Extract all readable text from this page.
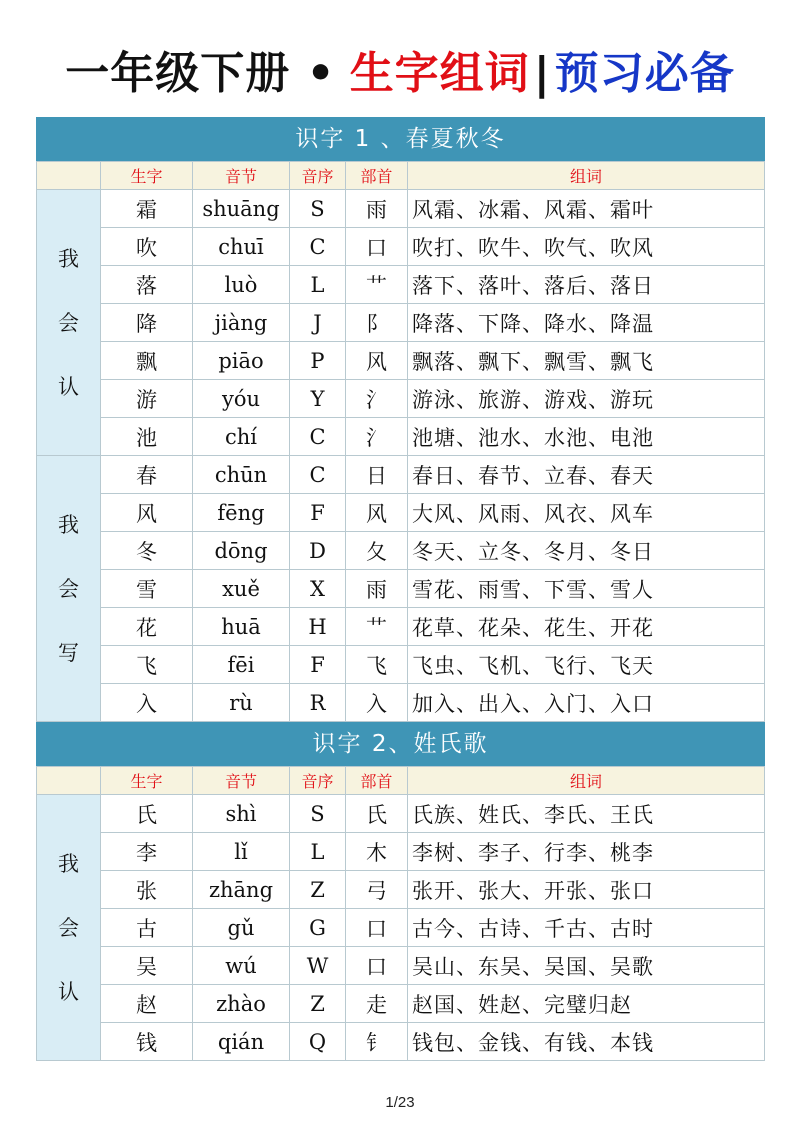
一年级下册 • 生字组词|预习必备
识字 1 、春夏秋冬
	生字	音节	音序	部首	组词

我
会
认	霜	shuāng	S	雨	风霜、冰霜、风霜、霜叶
	吹	chuī	C	口	吹打、吹牛、吹气、吹风
	落	luò	L	艹	落下、落叶、落后、落日
	降	jiàng	J	阝	降落、下降、降水、降温
	飘	piāo	P	风	飘落、飘下、飘雪、飘飞
	游	yóu	Y	氵	游泳、旅游、游戏、游玩
	池	chí	C	氵	池塘、池水、水池、电池

我
会
写	春	chūn	C	日	春日、春节、立春、春天
	风	fēng	F	风	大风、风雨、风衣、风车
	冬	dōng	D	夂	冬天、立冬、冬月、冬日
	雪	xuě	X	雨	雪花、雨雪、下雪、雪人
	花	huā	H	艹	花草、花朵、花生、开花
	飞	fēi	F	飞	飞虫、飞机、飞行、飞天
	入	rù	R	入	加入、出入、入门、入口
识字 2、姓氏歌
	生字	音节	音序	部首	组词

我
会
认	氏	shì	S	氏	氏族、姓氏、李氏、王氏
	李	lǐ	L	木	李树、李子、行李、桃李
	张	zhāng	Z	弓	张开、张大、开张、张口
	古	gǔ	G	口	古今、古诗、千古、古时
	吴	wú	W	口	吴山、东吴、吴国、吴歌
	赵	zhào	Z	走	赵国、姓赵、完璧归赵
	钱	qián	Q	钅	钱包、金钱、有钱、本钱
1/23
